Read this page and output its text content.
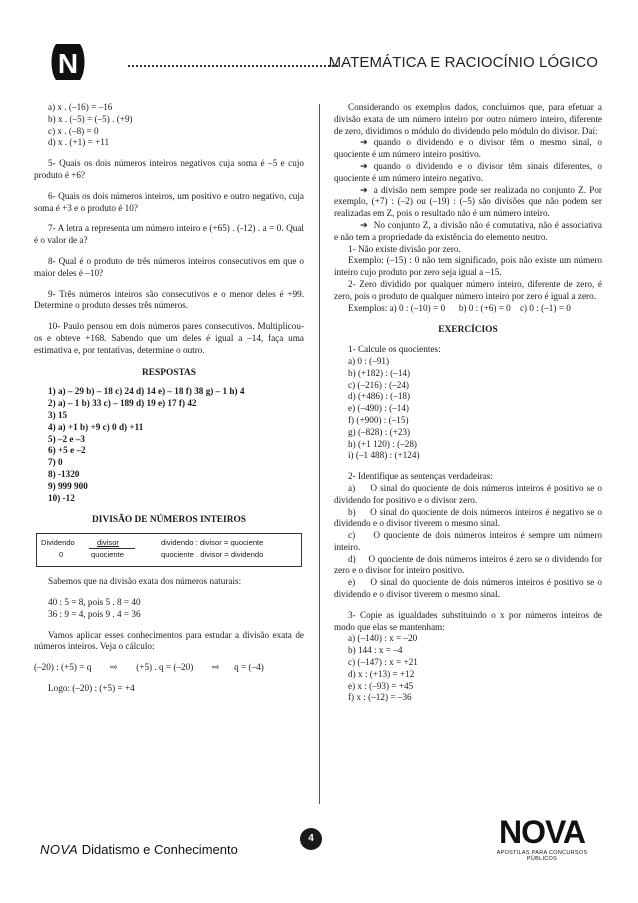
N	MATEMÁTICA E RACIOCÍNIO LÓGICO

a) x . (–16) = –16

b) x . (–5) = (–5) . (+9)

c) x . (–8) = 0

d) x . (+1) = +11

5- Quais os dois números inteiros negativos cuja soma é –5 e cujo produto é +6?

6- Quais os dois números inteiros, um positivo e outro negativo, cuja soma é +3 e o produto é 10?

7- A letra a representa um número inteiro e (+65) . (-12) . a = 0. Qual é o valor de a?

8- Qual é o produto de três números inteiros consecutivos em que o maior deles é –10?

9- Três números inteiros são consecutivos e o menor deles é +99. Determine o produto desses três números.

10- Paulo pensou em dois números pares consecutivos. Multiplicou-os e obteve +168. Sabendo que um deles é igual a –14, faça uma estimativa e, por tentativas, determine o outro.

RESPOSTAS

1) a) – 29 b) – 18 c) 24 d) 14 e) – 18 f) 38 g) – 1 h) 4

2) a) – 1 b) 33 c) – 189 d) 19 e) 17 f) 42

3) 15

4) a) +1 b) +9 c) 0 d) +11

5) –2 e –3

6) +5 e –2

7) 0

8) -1320

9) 999 900

10) -12

DIVISÃO DE NÚMEROS INTEIROS

Dividendo	divisor
0	quociente
dividendo : divisor = quociente
quociente . divisor = dividendo

Sabemos que na divisão exata dos números naturais:

40 : 5 = 8, pois 5 . 8 = 40

36 : 9 = 4, pois 9 . 4 = 36

Vamos aplicar esses conhecimentos para estudar a divisão exata de números inteiros. Veja o cálculo:

(–20) : (+5) = q ⇨ (+5) . q = (–20) ⇨ q = (–4)

Logo: (–20) : (+5) = +4

Considerando os exemplos dados, concluímos que, para efetuar a divisão exata de um número inteiro por outro número inteiro, diferente de zero, dividimos o módulo do dividendo pelo módulo do divisor. Daí:

➔ quando o dividendo e o divisor têm o mesmo sinal, o quociente é um número inteiro positivo.

➔ quando o dividendo e o divisor têm sinais diferentes, o quociente é um número inteiro negativo.

➔ a divisão nem sempre pode ser realizada no conjunto Z. Por exemplo, (+7) : (–2) ou (–19) : (–5) são divisões que não podem ser realizadas em Z, pois o resultado não é um número inteiro.

➔ No conjunto Z, a divisão não é comutativa, não é associativa e não tem a propriedade da existência do elemento neutro.

1- Não existe divisão por zero.

Exemplo: (–15) : 0 não tem significado, pois não existe um número inteiro cujo produto por zero seja igual a –15.

2- Zero dividido por qualquer número inteiro, diferente de zero, é zero, pois o produto de qualquer número inteiro por zero é igual a zero.

Exemplos: a) 0 : (–10) = 0      b) 0 : (+6) = 0    c) 0 : (–1) = 0

EXERCÍCIOS

1- Calcule os quocientes:

a) 0 : (–91)

b) (+182) : (–14)

c) (–216) : (–24)

d) (+486) : (–18)

e) (–490) : (–14)

f) (+900) : (–15)

g) (–828) : (+23)

h) (+1 120) : (–28)

i) (–1 488) : (+124)

2- Identifique as sentenças verdadeiras:

a)     O sinal do quociente de dois números inteiros é positivo se o dividendo for positivo e o divisor zero.

b)     O sinal do quociente de dois números inteiros é negativo se o dividendo e o divisor tiverem o mesmo sinal.

c)     O quociente de dois números inteiros é sempre um número inteiro.

d)     O quociente de dois números inteiros é zero se o dividendo for zero e o divisor for inteiro positivo.

e)     O sinal do quociente de dois números inteiros é positivo se o dividendo e o divisor tiverem o mesmo sinal.

3- Copie as igualdades substituindo o x por números inteiros de modo que elas se mantenham:

a) (–140) : x = –20

b) 144 : x = –4

c) (–147) : x = +21

d) x : (+13) = +12

e) x : (–93) = +45

f) x : (–12) = –36

NOVA Didatismo e Conhecimento
4	NOVA
APOSTILAS PARA CONCURSOS PÚBLICOS
